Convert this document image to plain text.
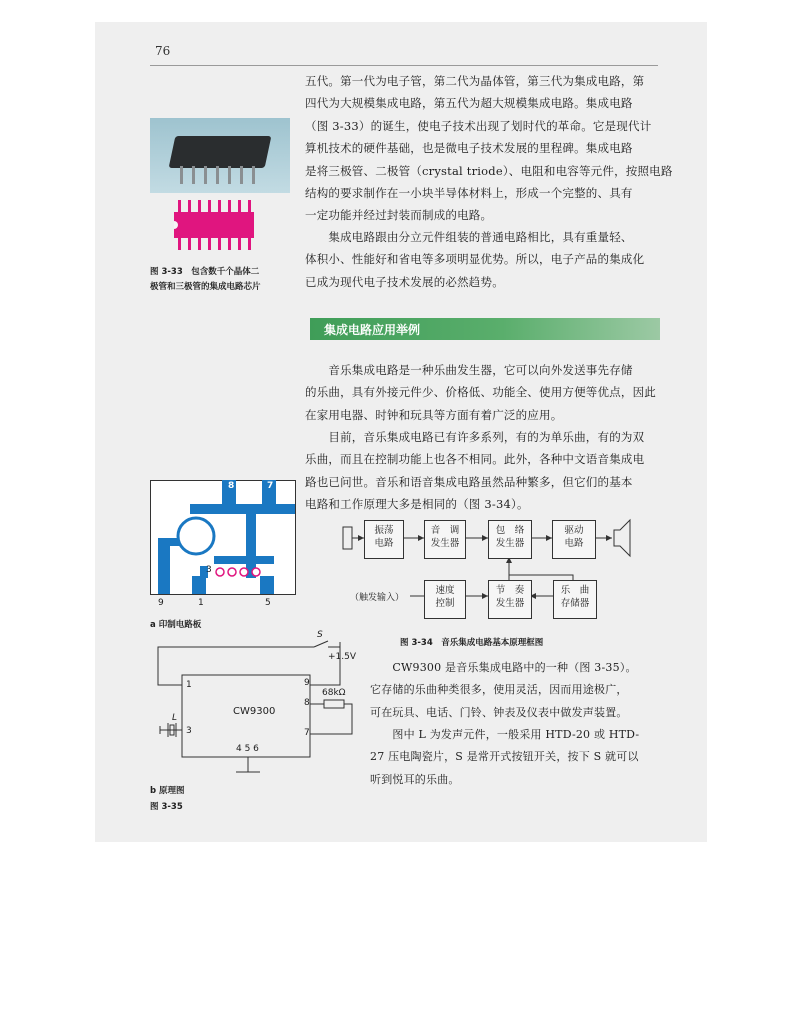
76
图 3-33　包含数千个晶体二
极管和三极管的集成电路芯片
五代。第一代为电子管，第二代为晶体管，第三代为集成电路，第
四代为大规模集成电路，第五代为超大规模集成电路。集成电路
（图 3-33）的诞生，使电子技术出现了划时代的革命。它是现代计
算机技术的硬件基础，也是微电子技术发展的里程碑。集成电路
是将三极管、二极管（crystal triode）、电阻和电容等元件，按照电路
结构的要求制作在一小块半导体材料上，形成一个完整的、具有
一定功能并经过封装而制成的电路。
　　集成电路跟由分立元件组装的普通电路相比，具有重量轻、
体积小、性能好和省电等多项明显优势。所以，电子产品的集成化
已成为现代电子技术发展的必然趋势。
集成电路应用举例
　　音乐集成电路是一种乐曲发生器，它可以向外发送事先存储
的乐曲，具有外接元件少、价格低、功能全、使用方便等优点，因此
在家用电器、时钟和玩具等方面有着广泛的应用。
　　目前，音乐集成电路已有许多系列，有的为单乐曲，有的为双
乐曲，而且在控制功能上也各不相同。此外，各种中文语音集成电
路也已问世。音乐和语音集成电路虽然品种繁多，但它们的基本
电路和工作原理大多是相同的（图 3-34）。
振荡
电路
音　调
发生器
包　络
发生器
驱动
电路
速度
控制
节　奏
发生器
乐　曲
存储器
（触发输入）
图 3-34　音乐集成电路基本原理框图
8	7
3
9	1	5
a 印制电路板
CW9300
S
+1.5V
68kΩ
L
1	9
8
7
3
4 5 6
b 原理图
图 3-35
　　CW9300 是音乐集成电路中的一种（图 3-35）。
它存储的乐曲种类很多，使用灵活，因而用途极广，
可在玩具、电话、门铃、钟表及仪表中做发声装置。
　　图中 L 为发声元件，一般采用 HTD-20 或 HTD-
27 压电陶瓷片，S 是常开式按钮开关，按下 S 就可以
听到悦耳的乐曲。
